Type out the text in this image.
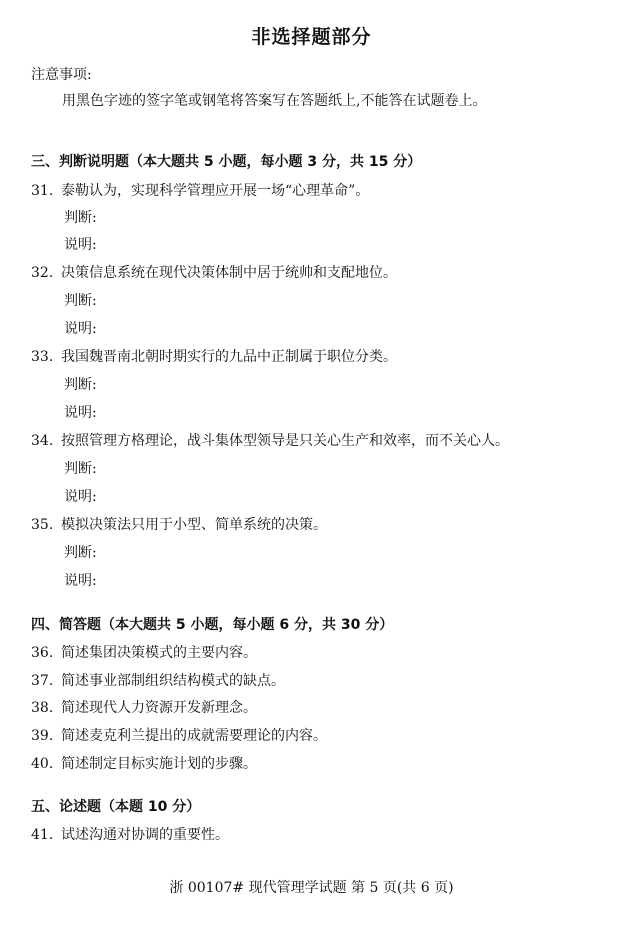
非选择题部分
注意事项:
用黑色字迹的签字笔或钢笔将答案写在答题纸上,不能答在试题卷上。
三、判断说明题（本大题共 5 小题，每小题 3 分，共 15 分）
31. 泰勒认为，实现科学管理应开展一场“心理革命”。
判断:
说明:
32. 决策信息系统在现代决策体制中居于统帅和支配地位。
判断:
说明:
33. 我国魏晋南北朝时期实行的九品中正制属于职位分类。
判断:
说明:
34. 按照管理方格理论，战斗集体型领导是只关心生产和效率，而不关心人。
判断:
说明:
35. 模拟决策法只用于小型、简单系统的决策。
判断:
说明:
四、简答题（本大题共 5 小题，每小题 6 分，共 30 分）
36. 简述集团决策模式的主要内容。
37. 简述事业部制组织结构模式的缺点。
38. 简述现代人力资源开发新理念。
39. 简述麦克利兰提出的成就需要理论的内容。
40. 简述制定目标实施计划的步骤。
五、论述题（本题 10 分）
41. 试述沟通对协调的重要性。
浙 00107# 现代管理学试题 第 5 页(共 6 页)
